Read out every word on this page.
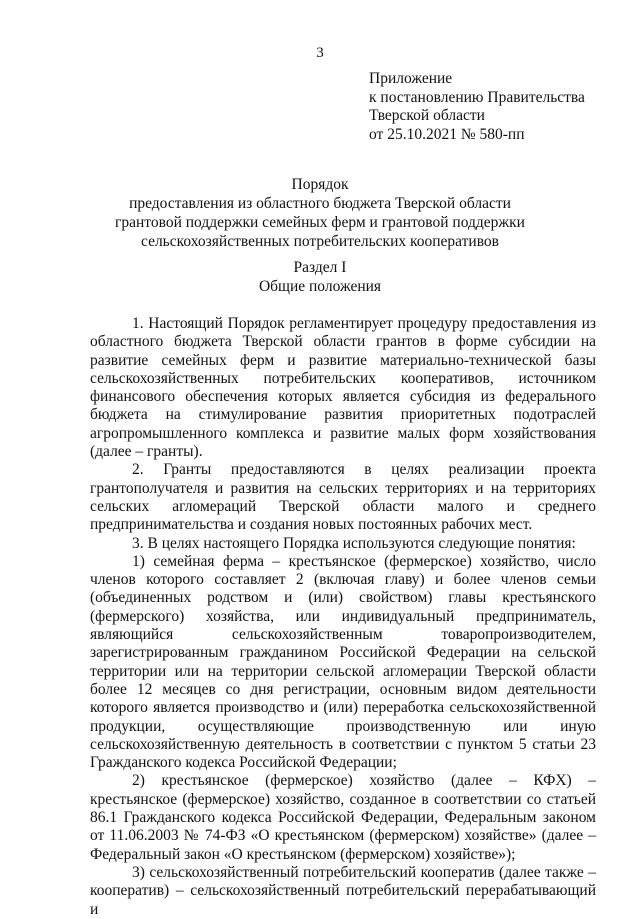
3
Приложение
к постановлению Правительства
Тверской области
от 25.10.2021 № 580-пп
Порядок
предоставления из областного бюджета Тверской области
грантовой поддержки семейных ферм и грантовой поддержки
сельскохозяйственных потребительских кооперативов
Раздел I
Общие положения

1. Настоящий Порядок регламентирует процедуру предоставления из областного бюджета Тверской области грантов в форме субсидии на развитие семейных ферм и развитие материально-технической базы сельскохозяйственных потребительских кооперативов, источником финансового обеспечения которых является субсидия из федерального бюджета на стимулирование развития приоритетных подотраслей агропромышленного комплекса и развитие малых форм хозяйствования (далее – гранты).

2. Гранты предоставляются в целях реализации проекта грантополучателя и развития на сельских территориях и на территориях сельских агломераций Тверской области малого и среднего предпринимательства и создания новых постоянных рабочих мест.

3. В целях настоящего Порядка используются следующие понятия:

1) семейная ферма – крестьянское (фермерское) хозяйство, число членов которого составляет 2 (включая главу) и более членов семьи (объединенных родством и (или) свойством) главы крестьянского (фермерского) хозяйства, или индивидуальный предприниматель, являющийся сельскохозяйственным товаропроизводителем, зарегистрированным гражданином Российской Федерации на сельской территории или на территории сельской агломерации Тверской области более 12 месяцев со дня регистрации, основным видом деятельности которого является производство и (или) переработка сельскохозяйственной продукции, осуществляющие производственную или иную сельскохозяйственную деятельность в соответствии с пунктом 5 статьи 23 Гражданского кодекса Российской Федерации;

2) крестьянское (фермерское) хозяйство (далее – КФХ) – крестьянское (фермерское) хозяйство, созданное в соответствии со статьей 86.1 Гражданского кодекса Российской Федерации, Федеральным законом от 11.06.2003 № 74-ФЗ «О крестьянском (фермерском) хозяйстве» (далее – Федеральный закон «О крестьянском (фермерском) хозяйстве»);

3) сельскохозяйственный потребительский кооператив (далее также – кооператив) – сельскохозяйственный потребительский перерабатывающий и
